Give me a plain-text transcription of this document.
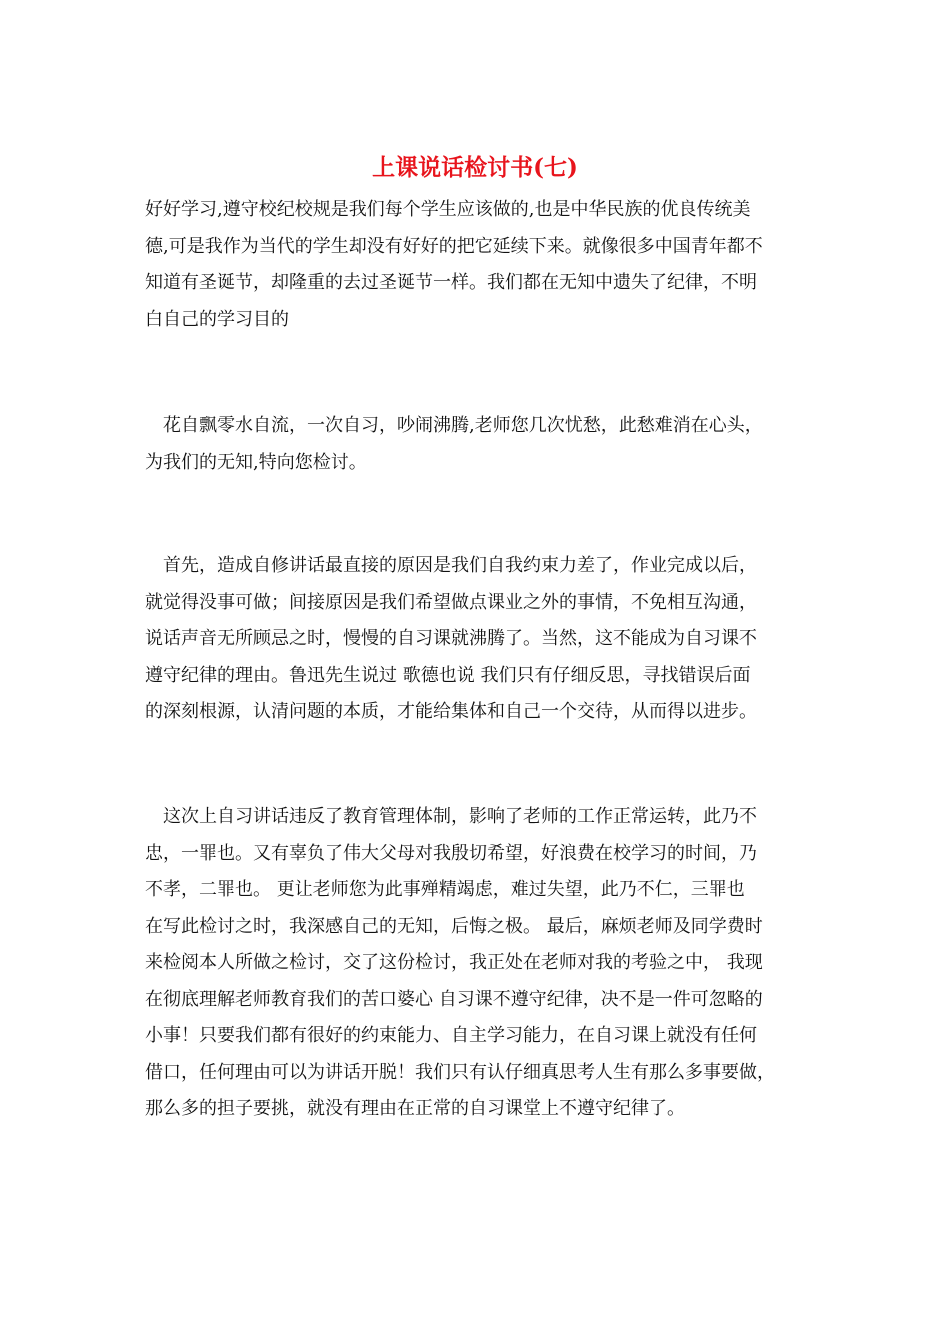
上课说话检讨书(七)
好好学习,遵守校纪校规是我们每个学生应该做的,也是中华民族的优良传统美
德,可是我作为当代的学生却没有好好的把它延续下来。就像很多中国青年都不
知道有圣诞节，却隆重的去过圣诞节一样。我们都在无知中遗失了纪律，不明
白自己的学习目的
花自飘零水自流，一次自习，吵闹沸腾,老师您几次忧愁，此愁难消在心头，
为我们的无知,特向您检讨。
首先，造成自修讲话最直接的原因是我们自我约束力差了，作业完成以后，
就觉得没事可做；间接原因是我们希望做点课业之外的事情，不免相互沟通，
说话声音无所顾忌之时，慢慢的自习课就沸腾了。当然，这不能成为自习课不
遵守纪律的理由。鲁迅先生说过 歌德也说 我们只有仔细反思，寻找错误后面
的深刻根源，认清问题的本质，才能给集体和自己一个交待，从而得以进步。
这次上自习讲话违反了教育管理体制，影响了老师的工作正常运转，此乃不
忠，一罪也。又有辜负了伟大父母对我殷切希望，好浪费在校学习的时间，乃
不孝，二罪也。 更让老师您为此事殚精竭虑，难过失望，此乃不仁，三罪也
在写此检讨之时，我深感自己的无知，后悔之极。 最后，麻烦老师及同学费时
来检阅本人所做之检讨，交了这份检讨，我正处在老师对我的考验之中， 我现
在彻底理解老师教育我们的苦口婆心 自习课不遵守纪律，决不是一件可忽略的
小事！只要我们都有很好的约束能力、自主学习能力，在自习课上就没有任何
借口，任何理由可以为讲话开脱！我们只有认仔细真思考人生有那么多事要做，
那么多的担子要挑，就没有理由在正常的自习课堂上不遵守纪律了。
